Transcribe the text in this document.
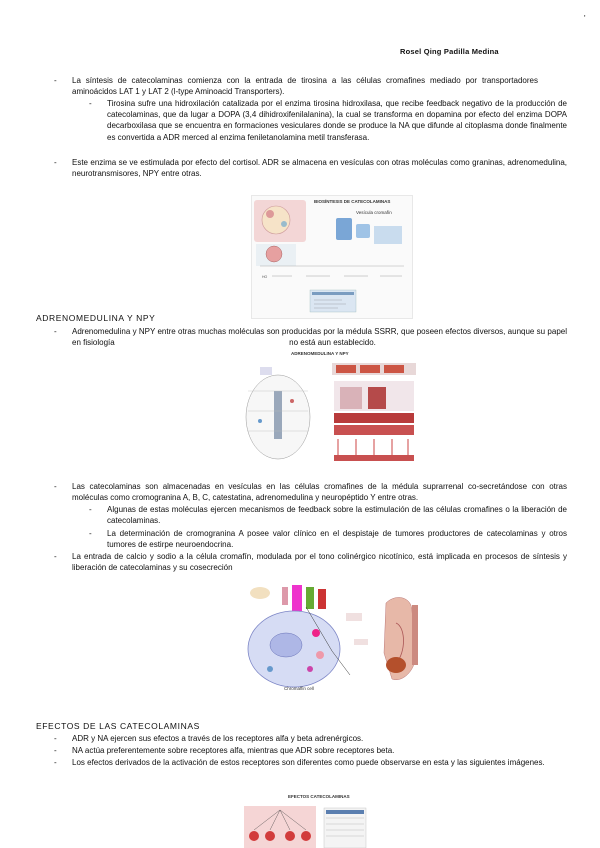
'
Rosel Qing Padilla Medina
- La síntesis de catecolaminas comienza con la entrada de tirosina a las células cromafines mediado por transportadores aminoácidos LAT 1 y LAT 2 (l-type Aminoacid Transporters).
- Tirosina sufre una hidroxilación catalizada por el enzima tirosina hidroxilasa, que recibe feedback negativo de la producción de catecolaminas, que da lugar a DOPA (3,4 dihidroxifenilalanina), la cual se transforma en dopamina por efecto del enzima DOPA decarboxilasa que se encuentra en formaciones vesiculares donde se produce la NA que difunde al citoplasma donde finalmente es convertida a ADR merced al enzima feniletanolamina metil transferasa.
- Este enzima se ve estimulada por efecto del cortisol. ADR se almacena en vesículas con otras moléculas como graninas, adrenomedulina, neurotransmisores, NPY entre otras.
BIOSÍNTESIS DE CATECOLAMINAS
HO
Vesícula cromafín
ADRENOMEDULINA Y NPY
- Adrenomedulina y NPY entre otras muchas moléculas son producidas por la médula SSRR, que poseen efectos diversos, aunque su papel en fisiología	no está aun establecido.
ADRENOMEDULINA Y NPY
- Las catecolaminas son almacenadas en vesículas en las células cromafines de la médula suprarrenal co-secretándose con otras moléculas como cromogranina A, B, C, catestatina, adrenomedulina y neuropéptido Y entre otras.
- Algunas de estas moléculas ejercen mecanismos de feedback sobre la estimulación de las células cromafines o la liberación de catecolaminas.
- La determinación de cromogranina A posee valor clínico en el despistaje de tumores productores de catecolaminas y otros tumores de estirpe neuroendocrina.
- La entrada de calcio y sodio a la célula cromafín, modulada por el tono colinérgico nicotínico, está implicada en procesos de síntesis y liberación de catecolaminas y su cosecreción
Chromaffin cell
EFECTOS DE LAS CATECOLAMINAS
- ADR y NA ejercen sus efectos a través de los receptores alfa y beta adrenérgicos.
- NA actúa preferentemente sobre receptores alfa, mientras que ADR sobre receptores beta.
- Los efectos derivados de la activación de estos receptores son diferentes como puede observarse en esta y las siguientes imágenes.
EFECTOS CATECOLAMINAS
